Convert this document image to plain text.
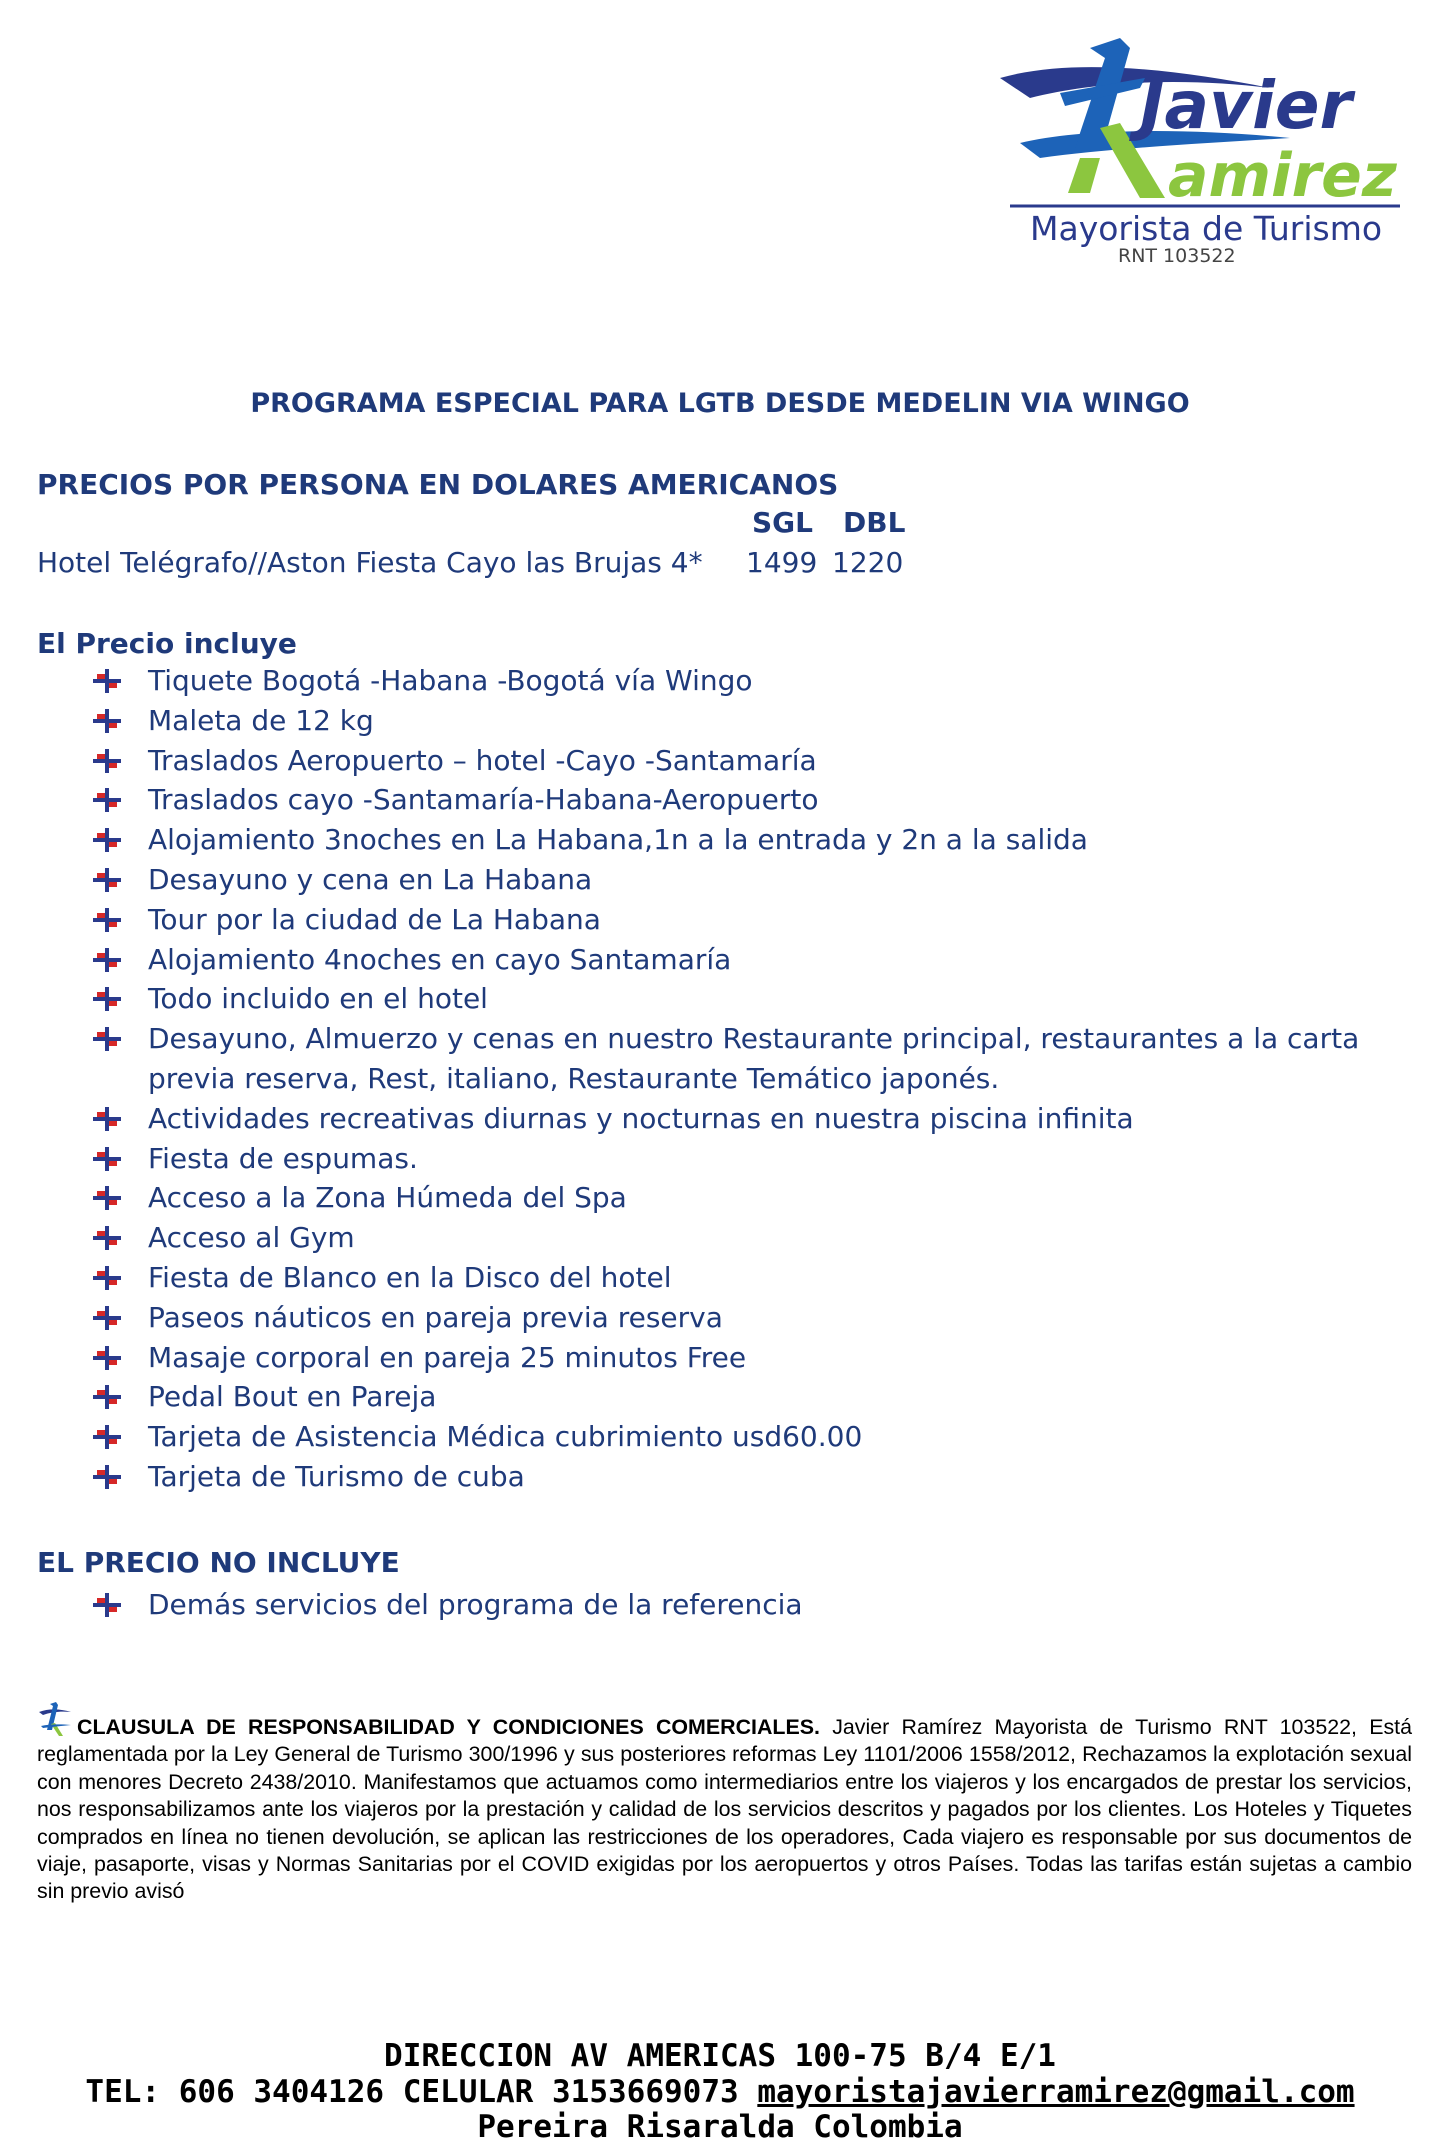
Javier
amirez
Mayorista de Turismo
RNT 103522
PROGRAMA ESPECIAL PARA LGTB DESDE MEDELIN VIA WINGO
PRECIOS POR PERSONA EN DOLARES AMERICANOS
SGL DBL
Hotel Telégrafo//Aston Fiesta Cayo las Brujas 4* 1499 1220
El Precio incluye
Tiquete Bogotá -Habana -Bogotá vía Wingo
Maleta de 12 kg
Traslados Aeropuerto – hotel -Cayo -Santamaría
Traslados cayo -Santamaría-Habana-Aeropuerto
Alojamiento 3noches en La Habana,1n a la entrada y 2n a la salida
Desayuno y cena en La Habana
Tour por la ciudad de La Habana
Alojamiento 4noches en cayo Santamaría
Todo incluido en el hotel
Desayuno, Almuerzo y cenas en nuestro Restaurante principal, restaurantes a la carta previa reserva, Rest, italiano, Restaurante Temático japonés.
Actividades recreativas diurnas y nocturnas en nuestra piscina infinita
Fiesta de espumas.
Acceso a la Zona Húmeda del Spa
Acceso al Gym
Fiesta de Blanco en la Disco del hotel
Paseos náuticos en pareja previa reserva
Masaje corporal en pareja 25 minutos Free
Pedal Bout en Pareja
Tarjeta de Asistencia Médica cubrimiento usd60.00
Tarjeta de Turismo de cuba
EL PRECIO NO INCLUYE
Demás servicios del programa de la referencia
CLAUSULA DE RESPONSABILIDAD Y CONDICIONES COMERCIALES. Javier Ramírez Mayorista de Turismo RNT 103522, Está reglamentada por la Ley General de Turismo 300/1996 y sus posteriores reformas Ley 1101/2006 1558/2012, Rechazamos la explotación sexual con menores Decreto 2438/2010. Manifestamos que actuamos como intermediarios entre los viajeros y los encargados de prestar los servicios, nos responsabilizamos ante los viajeros por la prestación y calidad de los servicios descritos y pagados por los clientes. Los Hoteles y Tiquetes comprados en línea no tienen devolución, se aplican las restricciones de los operadores, Cada viajero es responsable por sus documentos de viaje, pasaporte, visas y Normas Sanitarias por el COVID exigidas por los aeropuertos y otros Países. Todas las tarifas están sujetas a cambio sin previo avisó
DIRECCION AV AMERICAS 100-75 B/4 E/1
TEL: 606 3404126 CELULAR 3153669073 mayoristajavierramirez@gmail.com
Pereira Risaralda Colombia
